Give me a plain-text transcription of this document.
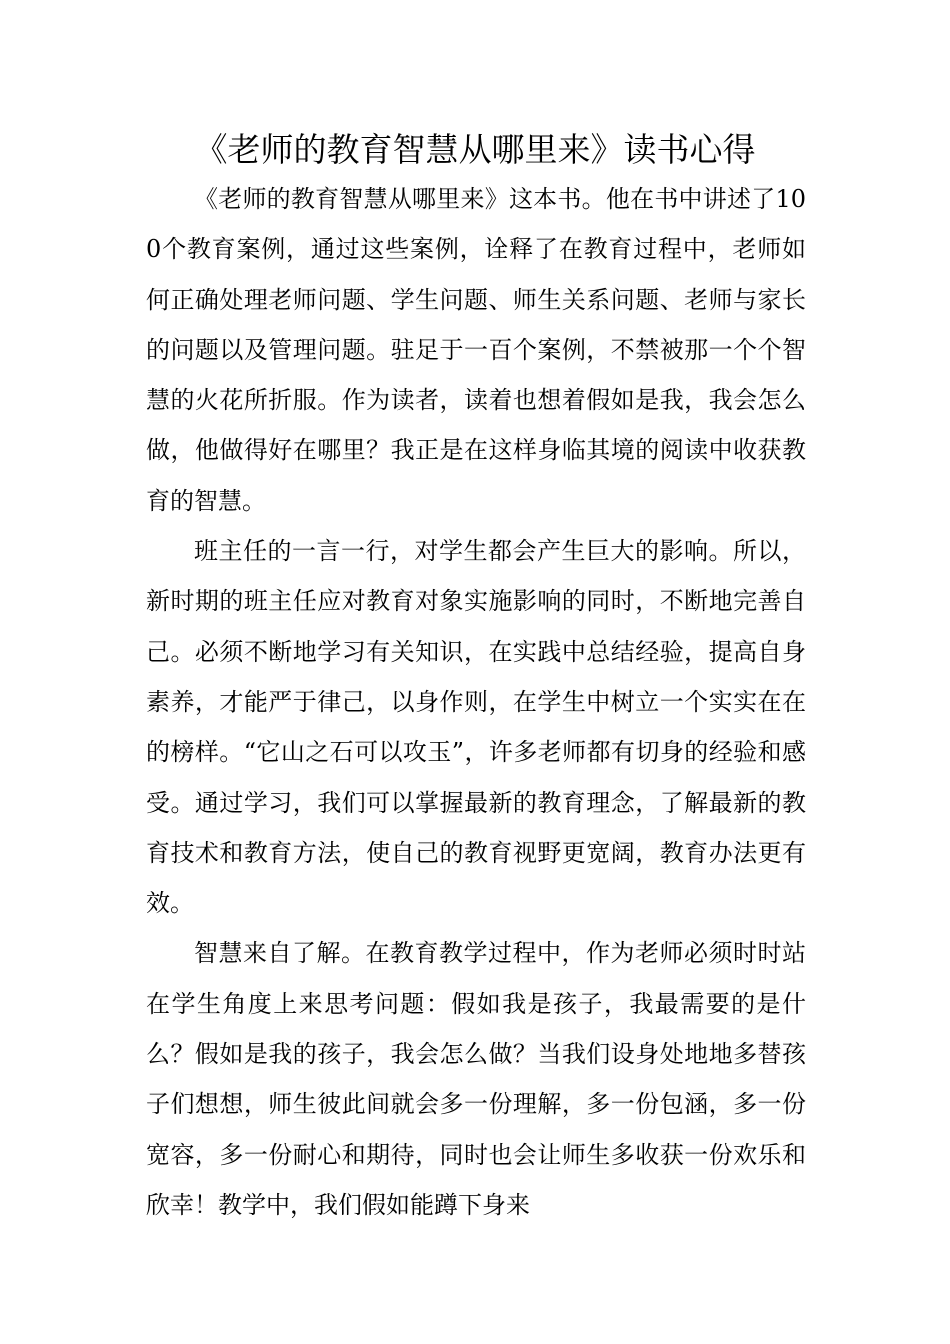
《老师的教育智慧从哪里来》读书心得

《老师的教育智慧从哪里来》这本书。他在书中讲述了100个教育案例，通过这些案例，诠释了在教育过程中，老师如何正确处理老师问题、学生问题、师生关系问题、老师与家长的问题以及管理问题。驻足于一百个案例，不禁被那一个个智慧的火花所折服。作为读者，读着也想着假如是我，我会怎么做，他做得好在哪里？我正是在这样身临其境的阅读中收获教育的智慧。

班主任的一言一行，对学生都会产生巨大的影响。所以，新时期的班主任应对教育对象实施影响的同时，不断地完善自己。必须不断地学习有关知识，在实践中总结经验，提高自身素养，才能严于律己，以身作则，在学生中树立一个实实在在的榜样。“它山之石可以攻玉”，许多老师都有切身的经验和感受。通过学习，我们可以掌握最新的教育理念，了解最新的教育技术和教育方法，使自己的教育视野更宽阔，教育办法更有效。

智慧来自了解。在教育教学过程中，作为老师必须时时站在学生角度上来思考问题：假如我是孩子，我最需要的是什么？假如是我的孩子，我会怎么做？当我们设身处地地多替孩子们想想，师生彼此间就会多一份理解，多一份包涵，多一份宽容，多一份耐心和期待，同时也会让师生多收获一份欢乐和欣幸！教学中，我们假如能蹲下身来
